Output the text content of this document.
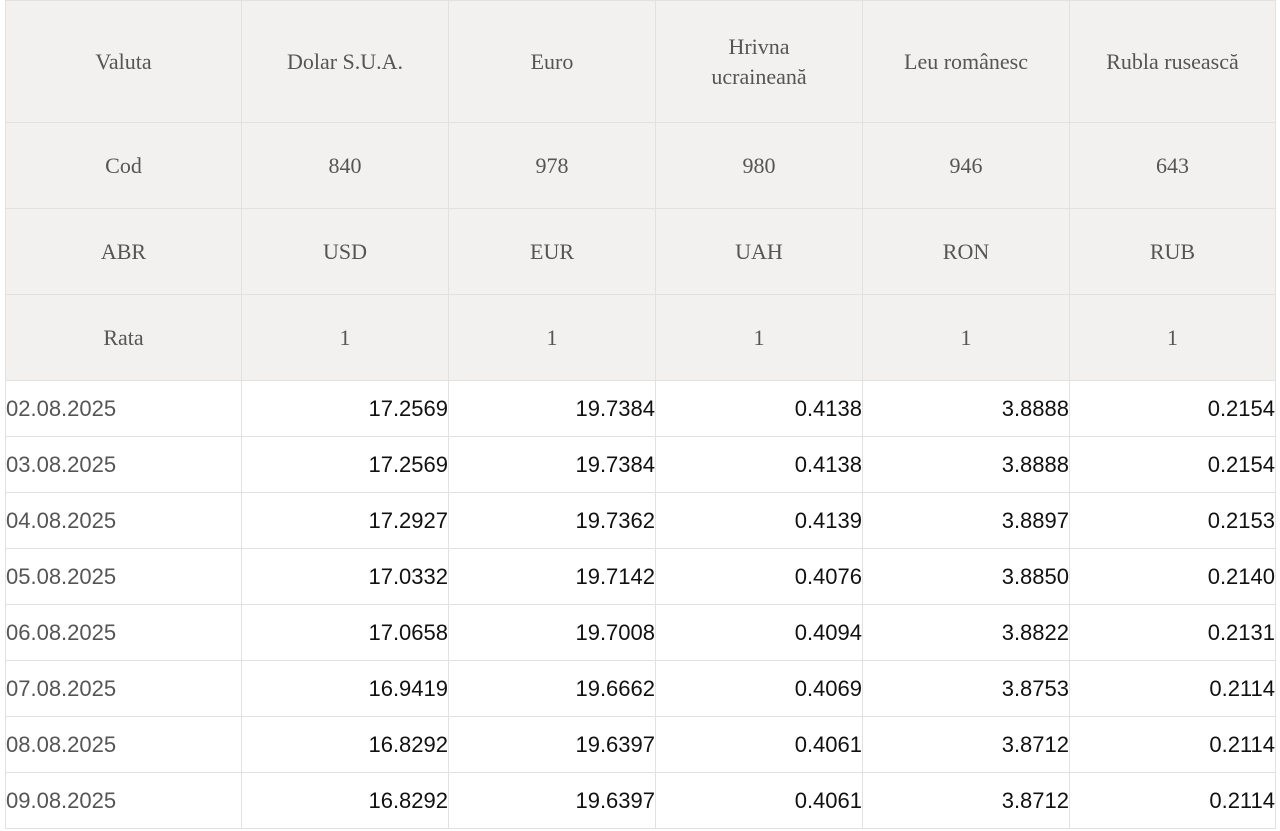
Valuta	Dolar S.U.A.	Euro	Hrivna ucraineană	Leu românesc	Rubla rusească
Cod	840	978	980	946	643
ABR	USD	EUR	UAH	RON	RUB
Rata	1	1	1	1	1
02.08.2025	17.2569	19.7384	0.4138	3.8888	0.2154
03.08.2025	17.2569	19.7384	0.4138	3.8888	0.2154
04.08.2025	17.2927	19.7362	0.4139	3.8897	0.2153
05.08.2025	17.0332	19.7142	0.4076	3.8850	0.2140
06.08.2025	17.0658	19.7008	0.4094	3.8822	0.2131
07.08.2025	16.9419	19.6662	0.4069	3.8753	0.2114
08.08.2025	16.8292	19.6397	0.4061	3.8712	0.2114
09.08.2025	16.8292	19.6397	0.4061	3.8712	0.2114
